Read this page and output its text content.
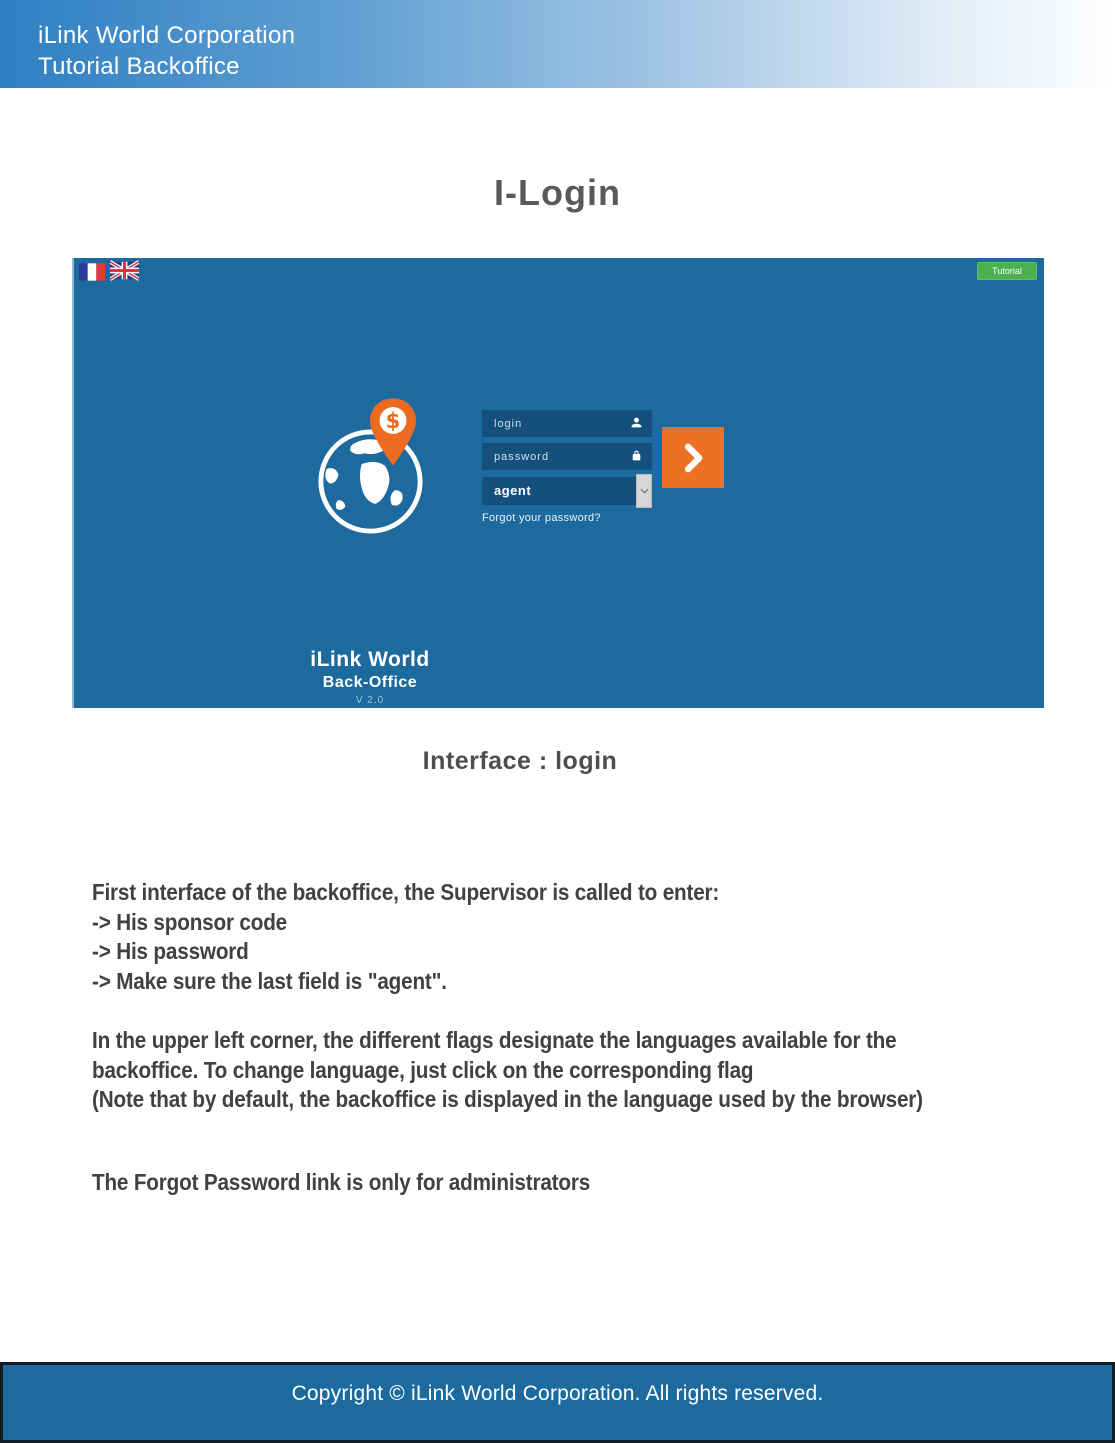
iLink World Corporation
Tutorial Backoffice
I-Login
Tutorial
$
iLink World
Back-Office
V 2.0
login
password
agent
Forgot your password?
Interface : login
First interface of the backoffice, the Supervisor is called to enter:
-> His sponsor code
-> His password
-> Make sure the last field is "agent".
In the upper left corner, the different flags designate the languages available for the
backoffice. To change language, just click on the corresponding flag
(Note that by default, the backoffice is displayed in the language used by the browser)
The Forgot Password link is only for administrators
Copyright © iLink World Corporation. All rights reserved.
